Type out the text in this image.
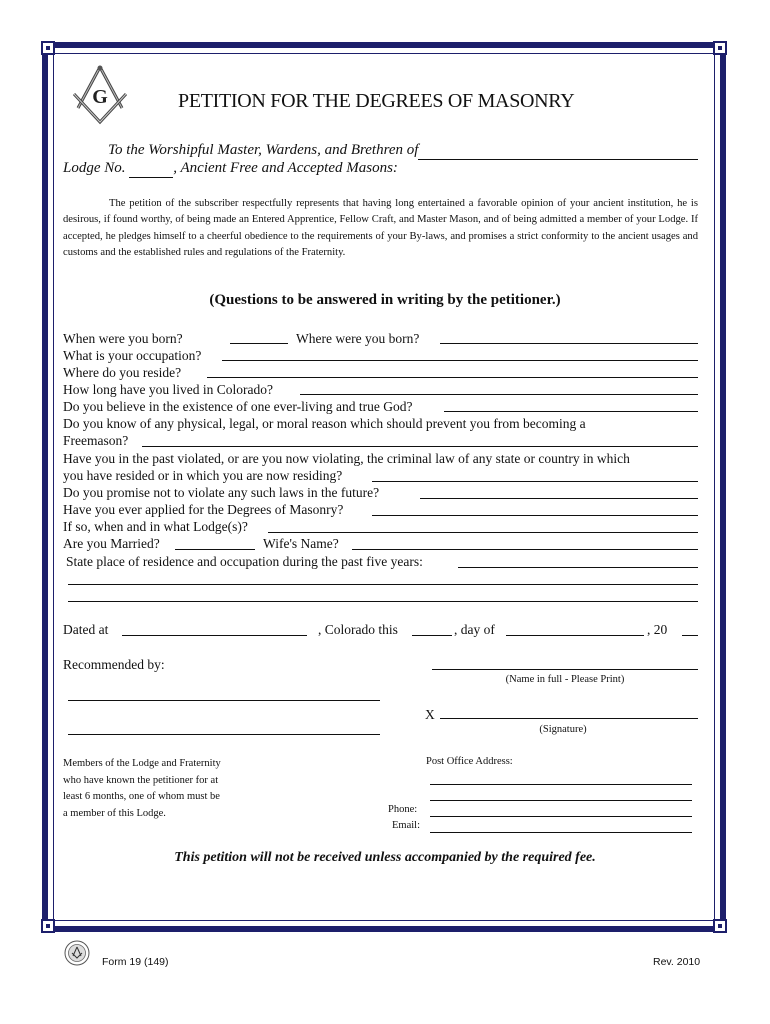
G	PETITION FOR THE DEGREES OF MASONRY
To the Worshipful Master, Wardens, and Brethren of
Lodge No.	, Ancient Free and Accepted Masons:
The petition of the subscriber respectfully represents that having long entertained a favorable opinion of your ancient institution, he is desirous, if found worthy, of being made an Entered Apprentice, Fellow Craft, and Master Mason, and of being admitted a member of your Lodge. If accepted, he pledges himself to a cheerful obedience to the requirements of your By-laws, and promises a strict conformity to the ancient usages and customs and the established rules and regulations of the Fraternity.
(Questions to be answered in writing by the petitioner.)
When were you born?	Where were you born?
What is your occupation?
Where do you reside?
How long have you lived in Colorado?
Do you believe in the existence of one ever-living and true God?
Do you know of any physical, legal, or moral reason which should prevent you from becoming a
Freemason?
Have you in the past violated, or are you now violating, the criminal law of any state or country in which
you have resided or in which you are now residing?
Do you promise not to violate any such laws in the future?
Have you ever applied for the Degrees of Masonry?
If so, when and in what Lodge(s)?
Are you Married?	Wife's Name?
State place of residence and occupation during the past five years:
Dated at	, Colorado this	, day of	, 20
Recommended by:
(Name in full - Please Print)
X
(Signature)
Members of the Lodge and Fraternity
who have known the petitioner for at
least 6 months, one of whom must be
a member of this Lodge.
Post Office Address:
Phone:
Email:
This petition will not be received unless accompanied by the required fee.
Form 19 (149)	Rev. 2010
